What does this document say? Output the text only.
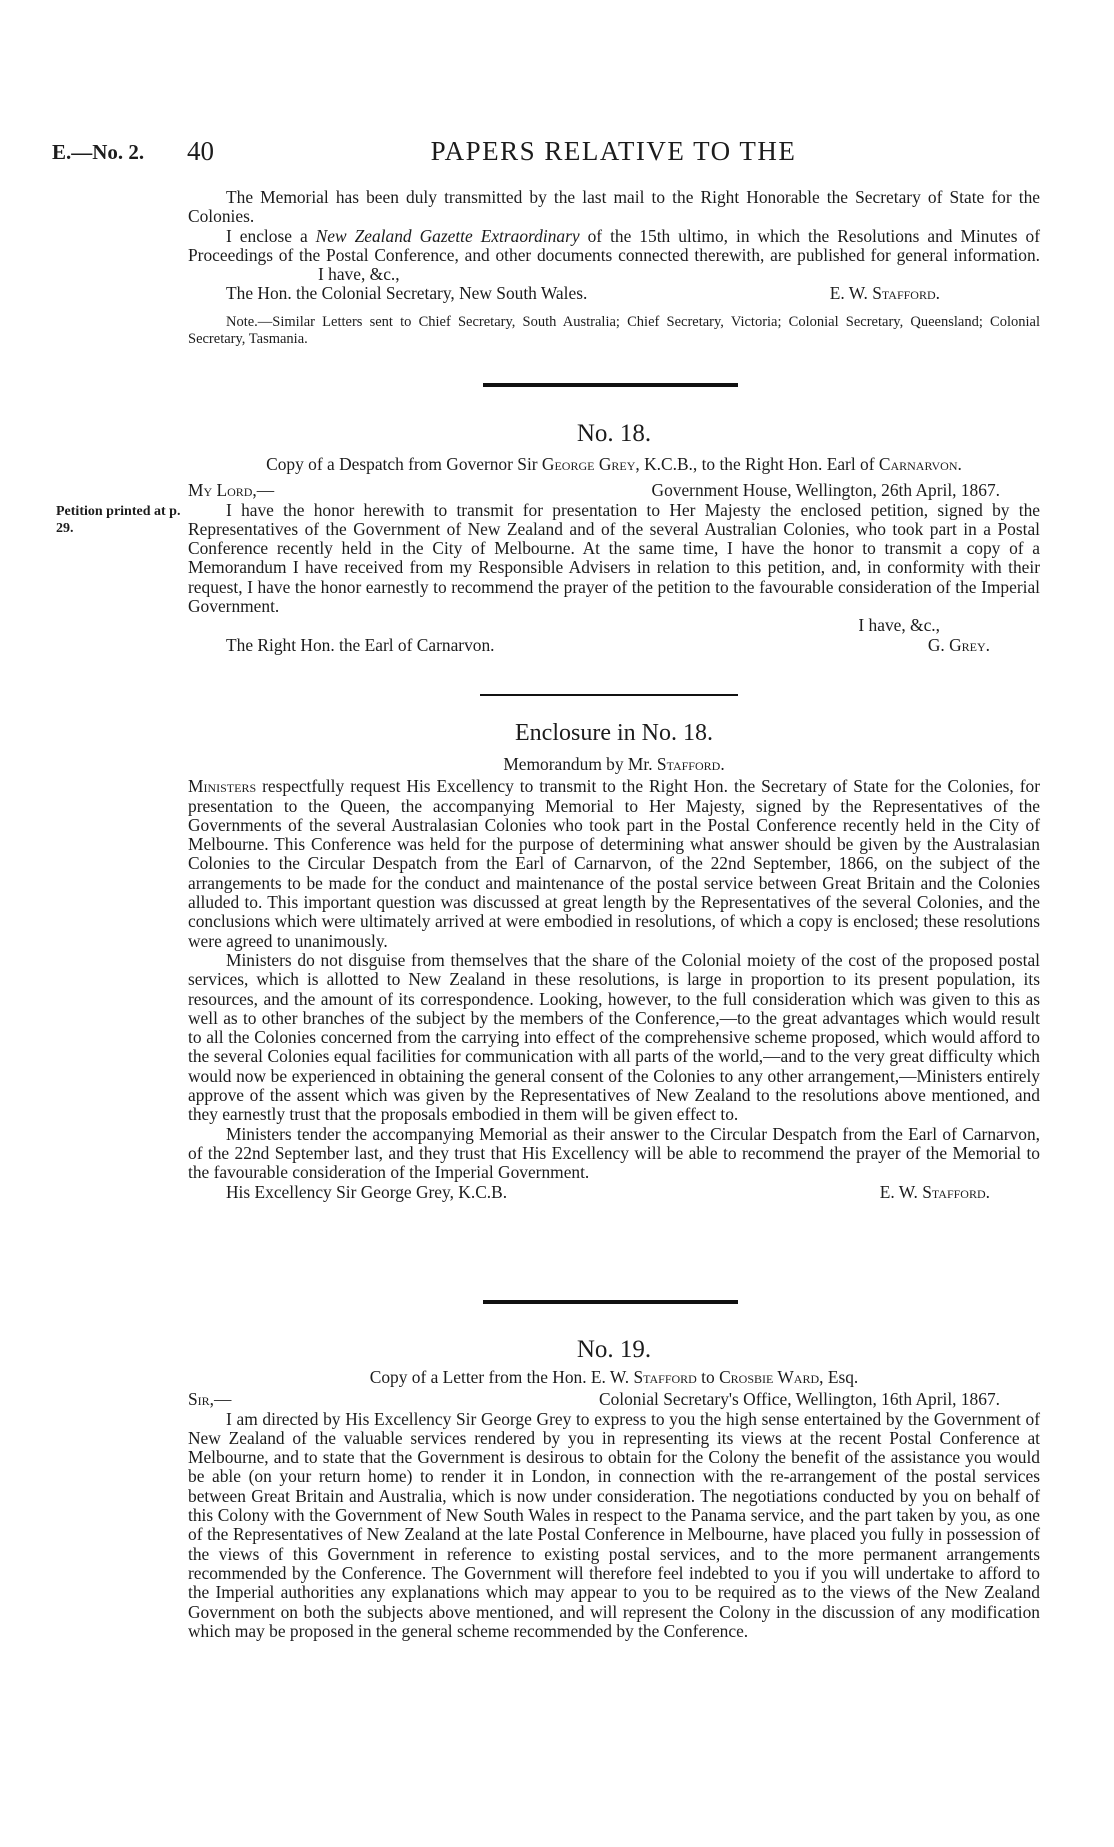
E.—No. 2. 40	PAPERS RELATIVE TO THE

The Memorial has been duly transmitted by the last mail to the Right Honorable the Secretary of State for the Colonies.

I enclose a New Zealand Gazette Extraordinary of the 15th ultimo, in which the Resolutions and Minutes of Proceedings of the Postal Conference, and other documents connected therewith, are published for general information.I have, &c.,

The Hon. the Colonial Secretary, New South Wales.	E. W. Stafford.
Note.—Similar Letters sent to Chief Secretary, South Australia; Chief Secretary, Victoria; Colonial Secretary, Queensland; Colonial Secretary, Tasmania.
No. 18.
Petition printed at p. 29.
Copy of a Despatch from Governor Sir George Grey, K.C.B., to the Right Hon. Earl of Carnarvon.
My Lord,—	Government House, Wellington, 26th April, 1867.

I have the honor herewith to transmit for presentation to Her Majesty the enclosed petition, signed by the Representatives of the Government of New Zealand and of the several Australian Colonies, who took part in a Postal Conference recently held in the City of Melbourne. At the same time, I have the honor to transmit a copy of a Memorandum I have received from my Responsible Advisers in relation to this petition, and, in conformity with their request, I have the honor earnestly to recommend the prayer of the petition to the favourable consideration of the Imperial Government.

I have, &c.,
The Right Hon. the Earl of Carnarvon.	G. Grey.
Enclosure in No. 18.
Memorandum by Mr. Stafford.

Ministers respectfully request His Excellency to transmit to the Right Hon. the Secretary of State for the Colonies, for presentation to the Queen, the accompanying Memorial to Her Majesty, signed by the Representatives of the Governments of the several Australasian Colonies who took part in the Postal Conference recently held in the City of Melbourne. This Conference was held for the purpose of determining what answer should be given by the Australasian Colonies to the Circular Despatch from the Earl of Carnarvon, of the 22nd September, 1866, on the subject of the arrangements to be made for the conduct and maintenance of the postal service between Great Britain and the Colonies alluded to. This important question was discussed at great length by the Representatives of the several Colonies, and the conclusions which were ultimately arrived at were embodied in resolutions, of which a copy is enclosed; these resolutions were agreed to unanimously.

Ministers do not disguise from themselves that the share of the Colonial moiety of the cost of the proposed postal services, which is allotted to New Zealand in these resolutions, is large in proportion to its present population, its resources, and the amount of its correspondence. Looking, however, to the full consideration which was given to this as well as to other branches of the subject by the members of the Conference,—to the great advantages which would result to all the Colonies concerned from the carrying into effect of the comprehensive scheme proposed, which would afford to the several Colonies equal facilities for communication with all parts of the world,—and to the very great difficulty which would now be experienced in obtaining the general consent of the Colonies to any other arrangement,—Ministers entirely approve of the assent which was given by the Representatives of New Zealand to the resolutions above mentioned, and they earnestly trust that the proposals embodied in them will be given effect to.

Ministers tender the accompanying Memorial as their answer to the Circular Despatch from the Earl of Carnarvon, of the 22nd September last, and they trust that His Excellency will be able to recommend the prayer of the Memorial to the favourable consideration of the Imperial Government.

His Excellency Sir George Grey, K.C.B.	E. W. Stafford.
No. 19.
Copy of a Letter from the Hon. E. W. Stafford to Crosbie Ward, Esq.
Sir,—	Colonial Secretary's Office, Wellington, 16th April, 1867.

I am directed by His Excellency Sir George Grey to express to you the high sense entertained by the Government of New Zealand of the valuable services rendered by you in representing its views at the recent Postal Conference at Melbourne, and to state that the Government is desirous to obtain for the Colony the benefit of the assistance you would be able (on your return home) to render it in London, in connection with the re-arrangement of the postal services between Great Britain and Australia, which is now under consideration. The negotiations conducted by you on behalf of this Colony with the Government of New South Wales in respect to the Panama service, and the part taken by you, as one of the Representatives of New Zealand at the late Postal Conference in Melbourne, have placed you fully in possession of the views of this Government in reference to existing postal services, and to the more permanent arrangements recommended by the Conference. The Government will therefore feel indebted to you if you will undertake to afford to the Imperial authorities any explanations which may appear to you to be required as to the views of the New Zealand Government on both the subjects above mentioned, and will represent the Colony in the discussion of any modification which may be proposed in the general scheme recommended by the Conference.
